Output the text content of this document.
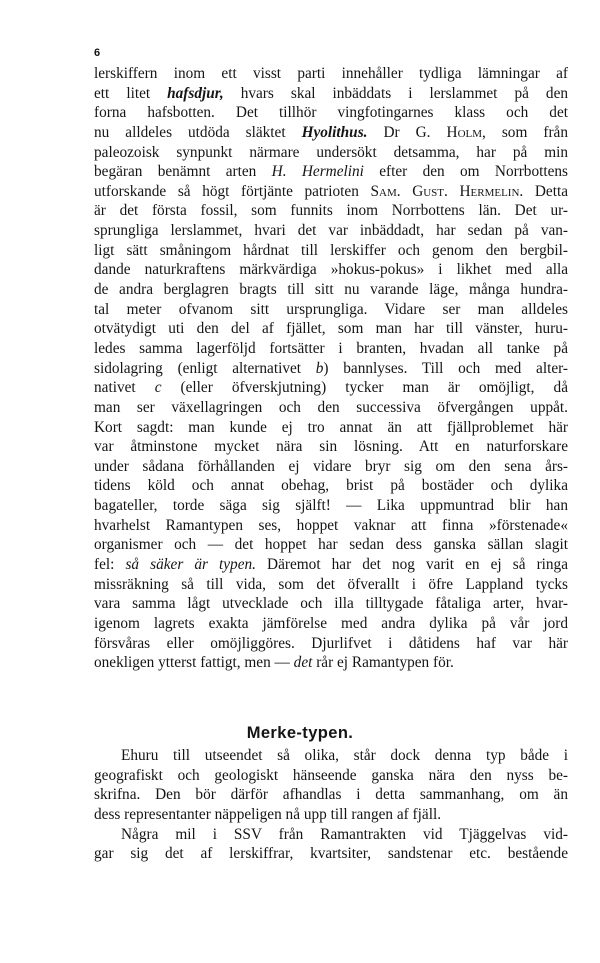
6
lerskiffern inom ett visst parti innehåller tydliga lämningar af
ett litet hafsdjur, hvars skal inbäddats i lerslammet på den
forna hafsbotten. Det tillhör vingfotingarnes klass och det
nu alldeles utdöda släktet Hyolithus. Dr G. Holm, som från
paleozoisk synpunkt närmare undersökt detsamma, har på min
begäran benämnt arten H. Hermelini efter den om Norrbottens
utforskande så högt förtjänte patrioten Sam. Gust. Hermelin. Detta
är det första fossil, som funnits inom Norrbottens län. Det ur-
sprungliga lerslammet, hvari det var inbäddadt, har sedan på van-
ligt sätt småningom hårdnat till lerskiffer och genom den bergbil-
dande naturkraftens märkvärdiga »hokus-pokus» i likhet med alla
de andra berglagren bragts till sitt nu varande läge, många hundra-
tal meter ofvanom sitt ursprungliga. Vidare ser man alldeles
otvätydigt uti den del af fjället, som man har till vänster, huru-
ledes samma lagerföljd fortsätter i branten, hvadan all tanke på
sidolagring (enligt alternativet b) bannlyses. Till och med alter-
nativet c (eller öfverskjutning) tycker man är omöjligt, då
man ser växellagringen och den successiva öfvergången uppåt.
Kort sagdt: man kunde ej tro annat än att fjällproblemet här
var åtminstone mycket nära sin lösning. Att en naturforskare
under sådana förhållanden ej vidare bryr sig om den sena års-
tidens köld och annat obehag, brist på bostäder och dylika
bagateller, torde säga sig själft! — Lika uppmuntrad blir han
hvarhelst Ramantypen ses, hoppet vaknar att finna »förstenade«
organismer och — det hoppet har sedan dess ganska sällan slagit
fel: så säker är typen. Däremot har det nog varit en ej så ringa
missräkning så till vida, som det öfverallt i öfre Lappland tycks
vara samma lågt utvecklade och illa tilltygade fåtaliga arter, hvar-
igenom lagrets exakta jämförelse med andra dylika på vår jord
försvåras eller omöjliggöres. Djurlifvet i dåtidens haf var här
onekligen ytterst fattigt, men — det rår ej Ramantypen för.
Merke-typen.
Ehuru till utseendet så olika, står dock denna typ både i
geografiskt och geologiskt hänseende ganska nära den nyss be-
skrifna. Den bör därför afhandlas i detta sammanhang, om än
dess representanter näppeligen nå upp till rangen af fjäll.
Några mil i SSV från Ramantrakten vid Tjäggelvas vid-
gar sig det af lerskiffrar, kvartsiter, sandstenar etc. bestående
